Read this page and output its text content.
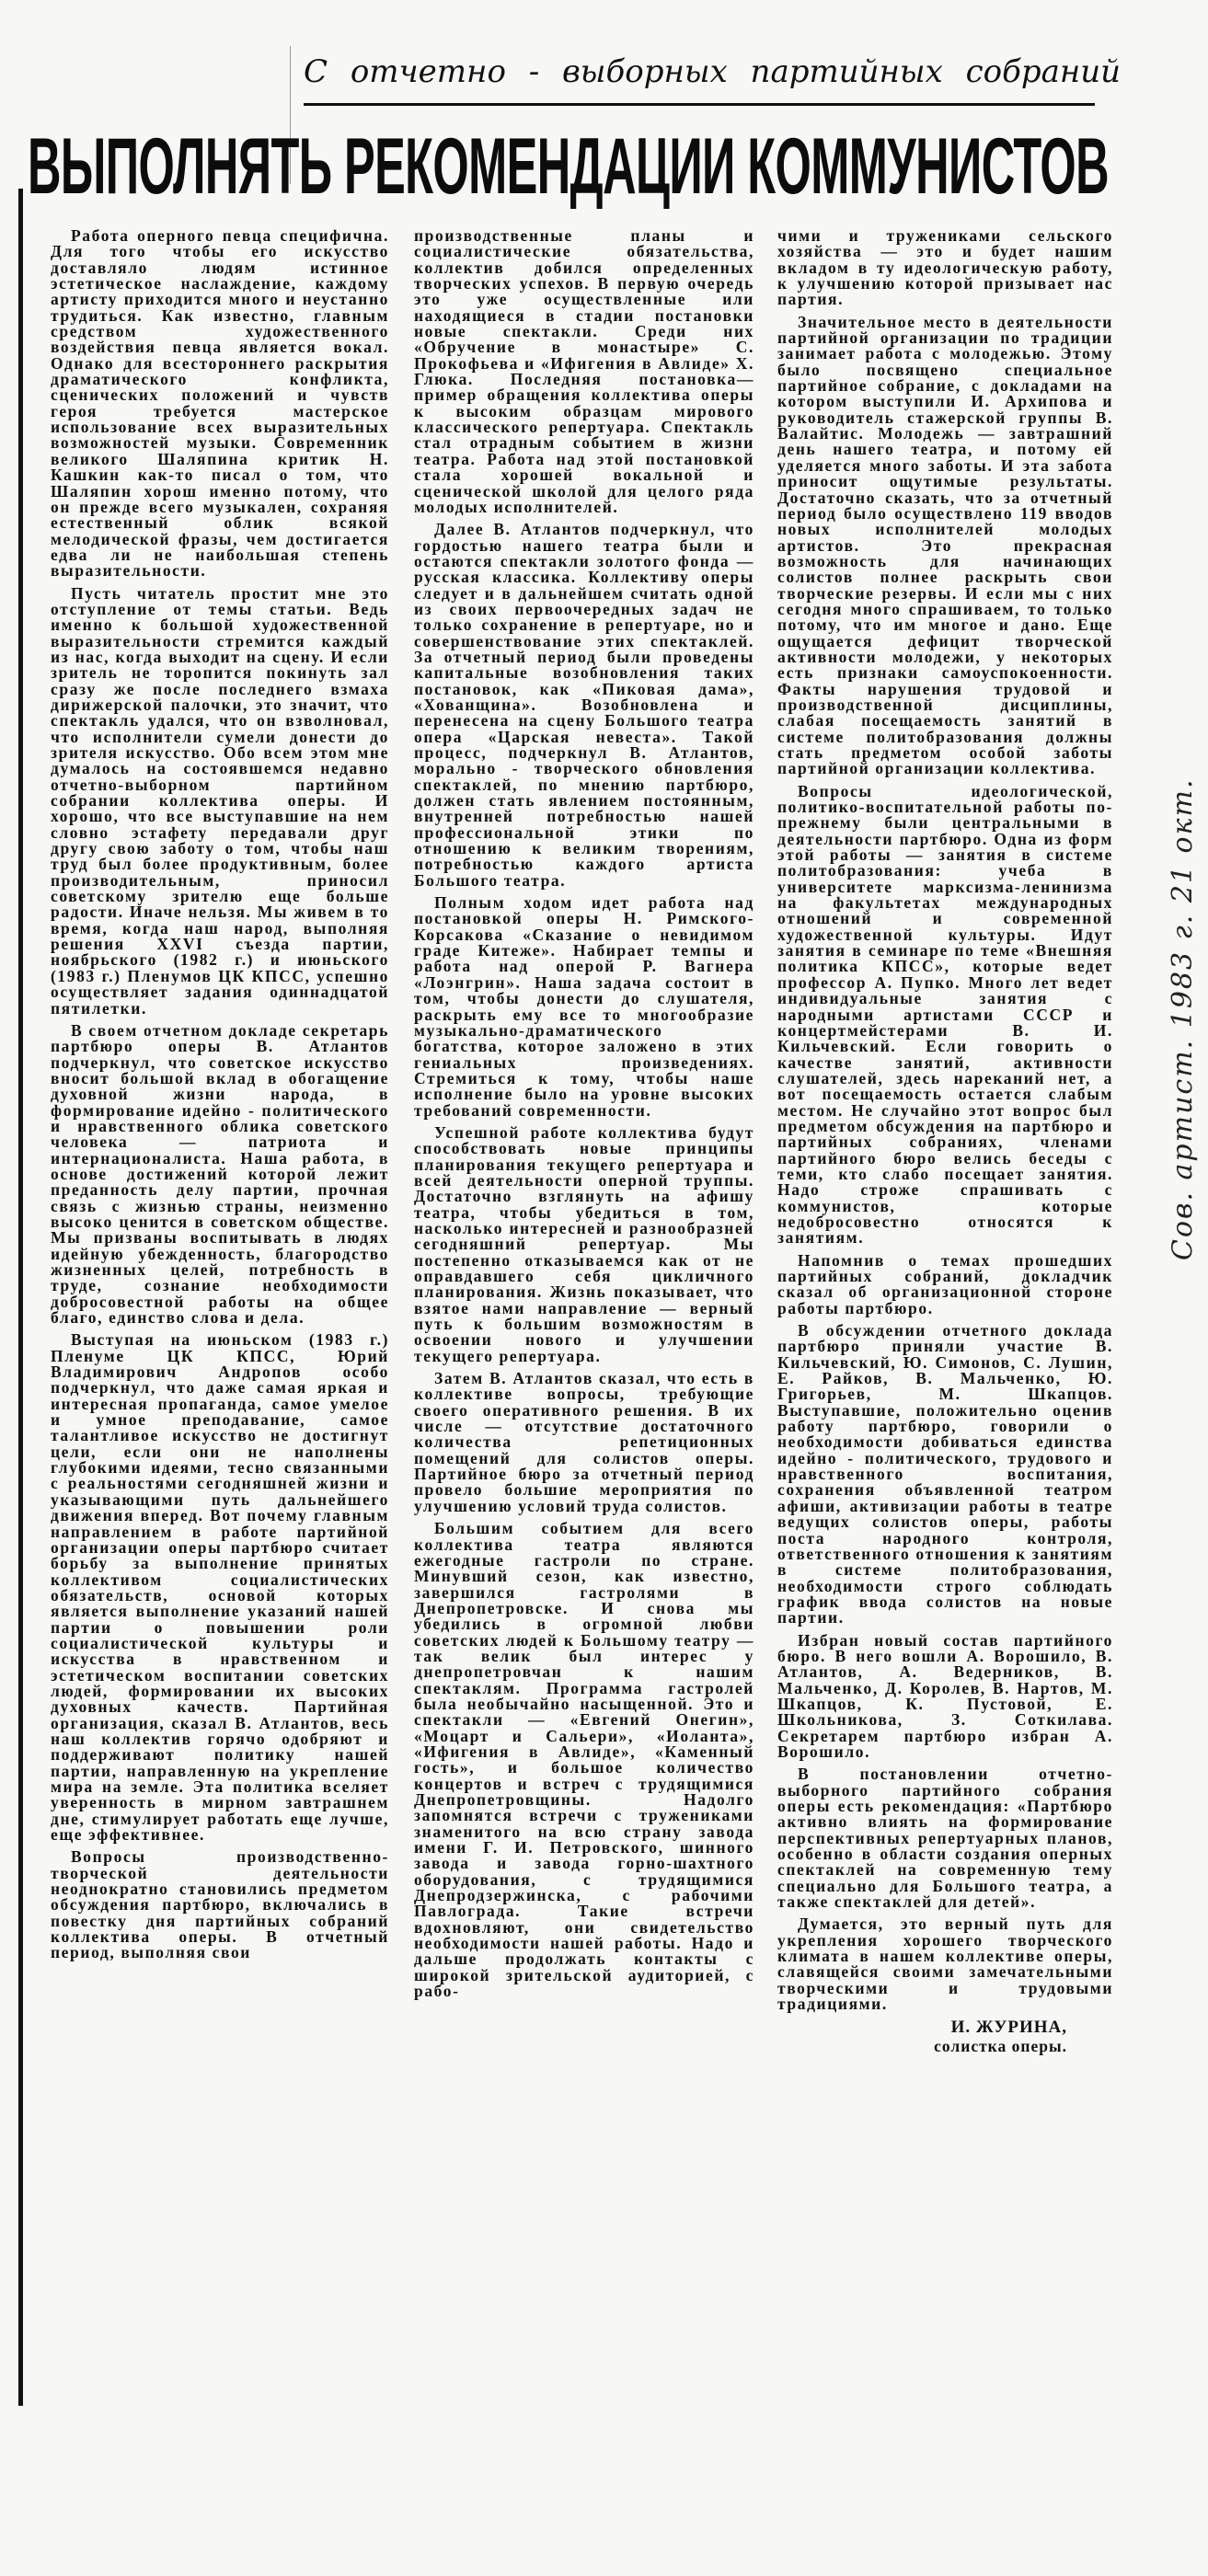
С отчетно - выборных партийных собраний
ВЫПОЛНЯТЬ РЕКОМЕНДАЦИИ КОММУНИСТОВ

Работа оперного певца специфична. Для того чтобы его искусство доставляло людям истинное эстетическое наслаждение, каждому артисту приходится много и неустанно трудиться. Как известно, главным средством художественного воздействия певца является вокал. Однако для всестороннего раскрытия драматического конфликта, сценических положений и чувств героя требуется мастерское использование всех выразительных возможностей музыки. Современник великого Шаляпина критик Н. Кашкин как-то писал о том, что Шаляпин хорош именно потому, что он прежде всего музыкален, сохраняя естественный облик всякой мелодической фразы, чем достигается едва ли не наибольшая степень выразительности.

Пусть читатель простит мне это отступление от темы статьи. Ведь именно к большой художественной выразительности стремится каждый из нас, когда выходит на сцену. И если зритель не торопится покинуть зал сразу же после последнего взмаха дирижерской палочки, это значит, что спектакль удался, что он взволновал, что исполнители сумели донести до зрителя искусство. Обо всем этом мне думалось на состоявшемся недавно отчетно-выборном партийном собрании коллектива оперы. И хорошо, что все выступавшие на нем словно эстафету передавали друг другу свою заботу о том, чтобы наш труд был более продуктивным, более производительным, приносил советскому зрителю еще больше радости. Иначе нельзя. Мы живем в то время, когда наш народ, выполняя решения XXVI съезда партии, ноябрьского (1982 г.) и июньского (1983 г.) Пленумов ЦК КПСС, успешно осуществляет задания одиннадцатой пятилетки.

В своем отчетном докладе секретарь партбюро оперы В. Атлантов подчеркнул, что советское искусство вносит большой вклад в обогащение духовной жизни народа, в формирование идейно - политического и нравственного облика советского человека — патриота и интернационалиста. Наша работа, в основе достижений которой лежит преданность делу партии, прочная связь с жизнью страны, неизменно высоко ценится в советском обществе. Мы призваны воспитывать в людях идейную убежденность, благородство жизненных целей, потребность в труде, сознание необходимости добросовестной работы на общее благо, единство слова и дела.

Выступая на июньском (1983 г.) Пленуме ЦК КПСС, Юрий Владимирович Андропов особо подчеркнул, что даже самая яркая и интересная пропаганда, самое умелое и умное преподавание, самое талантливое искусство не достигнут цели, если они не наполнены глубокими идеями, тесно связанными с реальностями сегодняшней жизни и указывающими путь дальнейшего движения вперед. Вот почему главным направлением в работе партийной организации оперы партбюро считает борьбу за выполнение принятых коллективом социалистических обязательств, основой которых является выполнение указаний нашей партии о повышении роли социалистической культуры и искусства в нравственном и эстетическом воспитании советских людей, формировании их высоких духовных качеств. Партийная организация, сказал В. Атлантов, весь наш коллектив горячо одобряют и поддерживают политику нашей партии, направленную на укрепление мира на земле. Эта политика вселяет уверенность в мирном завтрашнем дне, стимулирует работать еще лучше, еще эффективнее.

Вопросы производственно-творческой деятельности неоднократно становились предметом обсуждения партбюро, включались в повестку дня партийных собраний коллектива оперы. В отчетный период, выполняя свои

производственные планы и социалистические обязательства, коллектив добился определенных творческих успехов. В первую очередь это уже осуществленные или находящиеся в стадии постановки новые спектакли. Среди них «Обручение в монастыре» С. Прокофьева и «Ифигения в Авлиде» Х. Глюка. Последняя постановка—пример обращения коллектива оперы к высоким образцам мирового классического репертуара. Спектакль стал отрадным событием в жизни театра. Работа над этой постановкой стала хорошей вокальной и сценической школой для целого ряда молодых исполнителей.

Далее В. Атлантов подчеркнул, что гордостью нашего театра были и остаются спектакли золотого фонда — русская классика. Коллективу оперы следует и в дальнейшем считать одной из своих первоочередных задач не только сохранение в репертуаре, но и совершенствование этих спектаклей. За отчетный период были проведены капитальные возобновления таких постановок, как «Пиковая дама», «Хованщина». Возобновлена и перенесена на сцену Большого театра опера «Царская невеста». Такой процесс, подчеркнул В. Атлантов, морально - творческого обновления спектаклей, по мнению партбюро, должен стать явлением постоянным, внутренней потребностью нашей профессиональной этики по отношению к великим творениям, потребностью каждого артиста Большого театра.

Полным ходом идет работа над постановкой оперы Н. Римского-Корсакова «Сказание о невидимом граде Китеже». Набирает темпы и работа над оперой Р. Вагнера «Лоэнгрин». Наша задача состоит в том, чтобы донести до слушателя, раскрыть ему все то многообразие музыкально-драматического богатства, которое заложено в этих гениальных произведениях. Стремиться к тому, чтобы наше исполнение было на уровне высоких требований современности.

Успешной работе коллектива будут способствовать новые принципы планирования текущего репертуара и всей деятельности оперной труппы. Достаточно взглянуть на афишу театра, чтобы убедиться в том, насколько интересней и разнообразней сегодняшний репертуар. Мы постепенно отказываемся как от не оправдавшего себя цикличного планирования. Жизнь показывает, что взятое нами направление — верный путь к большим возможностям в освоении нового и улучшении текущего репертуара.

Затем В. Атлантов сказал, что есть в коллективе вопросы, требующие своего оперативного решения. В их числе — отсутствие достаточного количества репетиционных помещений для солистов оперы. Партийное бюро за отчетный период провело большие мероприятия по улучшению условий труда солистов.

Большим событием для всего коллектива театра являются ежегодные гастроли по стране. Минувший сезон, как известно, завершился гастролями в Днепропетровске. И снова мы убедились в огромной любви советских людей к Большому театру — так велик был интерес у днепропетровчан к нашим спектаклям. Программа гастролей была необычайно насыщенной. Это и спектакли — «Евгений Онегин», «Моцарт и Сальери», «Иоланта», «Ифигения в Авлиде», «Каменный гость», и большое количество концертов и встреч с трудящимися Днепропетровщины. Надолго запомнятся встречи с тружениками знаменитого на всю страну завода имени Г. И. Петровского, шинного завода и завода горно-шахтного оборудования, с трудящимися Днепродзержинска, с рабочими Павлограда. Такие встречи вдохновляют, они свидетельство необходимости нашей работы. Надо и дальше продолжать контакты с широкой зрительской аудиторией, с рабо-

чими и тружениками сельского хозяйства — это и будет нашим вкладом в ту идеологическую работу, к улучшению которой призывает нас партия.

Значительное место в деятельности партийной организации по традиции занимает работа с молодежью. Этому было посвящено специальное партийное собрание, с докладами на котором выступили И. Архипова и руководитель стажерской группы В. Валайтис. Молодежь — завтрашний день нашего театра, и потому ей уделяется много заботы. И эта забота приносит ощутимые результаты. Достаточно сказать, что за отчетный период было осуществлено 119 вводов новых исполнителей молодых артистов. Это прекрасная возможность для начинающих солистов полнее раскрыть свои творческие резервы. И если мы с них сегодня много спрашиваем, то только потому, что им многое и дано. Еще ощущается дефицит творческой активности молодежи, у некоторых есть признаки самоуспокоенности. Факты нарушения трудовой и производственной дисциплины, слабая посещаемость занятий в системе политобразования должны стать предметом особой заботы партийной организации коллектива.

Вопросы идеологической, политико-воспитательной работы по-прежнему были центральными в деятельности партбюро. Одна из форм этой работы — занятия в системе политобразования: учеба в университете марксизма-ленинизма на факультетах международных отношений и современной художественной культуры. Идут занятия в семинаре по теме «Внешняя политика КПСС», которые ведет профессор А. Пупко. Много лет ведет индивидуальные занятия с народными артистами СССР и концертмейстерами В. И. Кильчевский. Если говорить о качестве занятий, активности слушателей, здесь нареканий нет, а вот посещаемость остается слабым местом. Не случайно этот вопрос был предметом обсуждения на партбюро и партийных собраниях, членами партийного бюро велись беседы с теми, кто слабо посещает занятия. Надо строже спрашивать с коммунистов, которые недобросовестно относятся к занятиям.

Напомнив о темах прошедших партийных собраний, докладчик сказал об организационной стороне работы партбюро.

В обсуждении отчетного доклада партбюро приняли участие В. Кильчевский, Ю. Симонов, С. Лушин, Е. Райков, В. Мальченко, Ю. Григорьев, М. Шкапцов. Выступавшие, положительно оценив работу партбюро, говорили о необходимости добиваться единства идейно - политического, трудового и нравственного воспитания, сохранения объявленной театром афиши, активизации работы в театре ведущих солистов оперы, работы поста народного контроля, ответственного отношения к занятиям в системе политобразования, необходимости строго соблюдать график ввода солистов на новые партии.

Избран новый состав партийного бюро. В него вошли А. Ворошило, В. Атлантов, А. Ведерников, В. Мальченко, Д. Королев, В. Нартов, М. Шкапцов, К. Пустовой, Е. Школьникова, З. Соткилава. Секретарем партбюро избран А. Ворошило.

В постановлении отчетно-выборного партийного собрания оперы есть рекомендация: «Партбюро активно влиять на формирование перспективных репертуарных планов, особенно в области создания оперных спектаклей на современную тему специально для Большого театра, а также спектаклей для детей».

Думается, это верный путь для укрепления хорошего творческого климата в нашем коллективе оперы, славящейся своими замечательными творческими и трудовыми традициями.

И. ЖУРИНА,
солистка оперы.
Сов. артист. 1983 г. 21 окт.
